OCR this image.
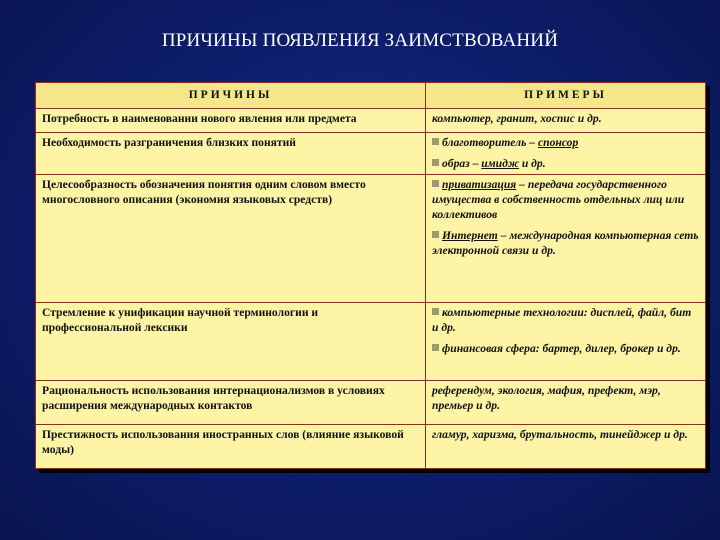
ПРИЧИНЫ ПОЯВЛЕНИЯ ЗАИМСТВОВАНИЙ
ПРИЧИНЫ	ПРИМЕРЫ
Потребность в наименовании нового явления или предмета	компьютер, гранит, хоспис и др.
Необходимость разграничения близких понятий	благотворитель – спонсор
образ – имидж и др.

Целесообразность обозначения понятия одним словом вместо многословного описания (экономия языковых средств)	приватизация – передача государственного имущества в собственность отдельных лиц или коллективов
Интернет – международная компьютерная сеть электронной связи и др.

Стремление к унификации научной терминологии и профессиональной лексики	компьютерные технологии: дисплей, файл, бит и др.
финансовая сфера: бартер, дилер, брокер и др.

Рациональность использования интернационализмов в условиях расширения международных контактов	референдум, экология, мафия, префект, мэр, премьер и др.
Престижность использования иностранных слов (влияние языковой моды)	гламур, харизма, брутальность, тинейджер и др.
